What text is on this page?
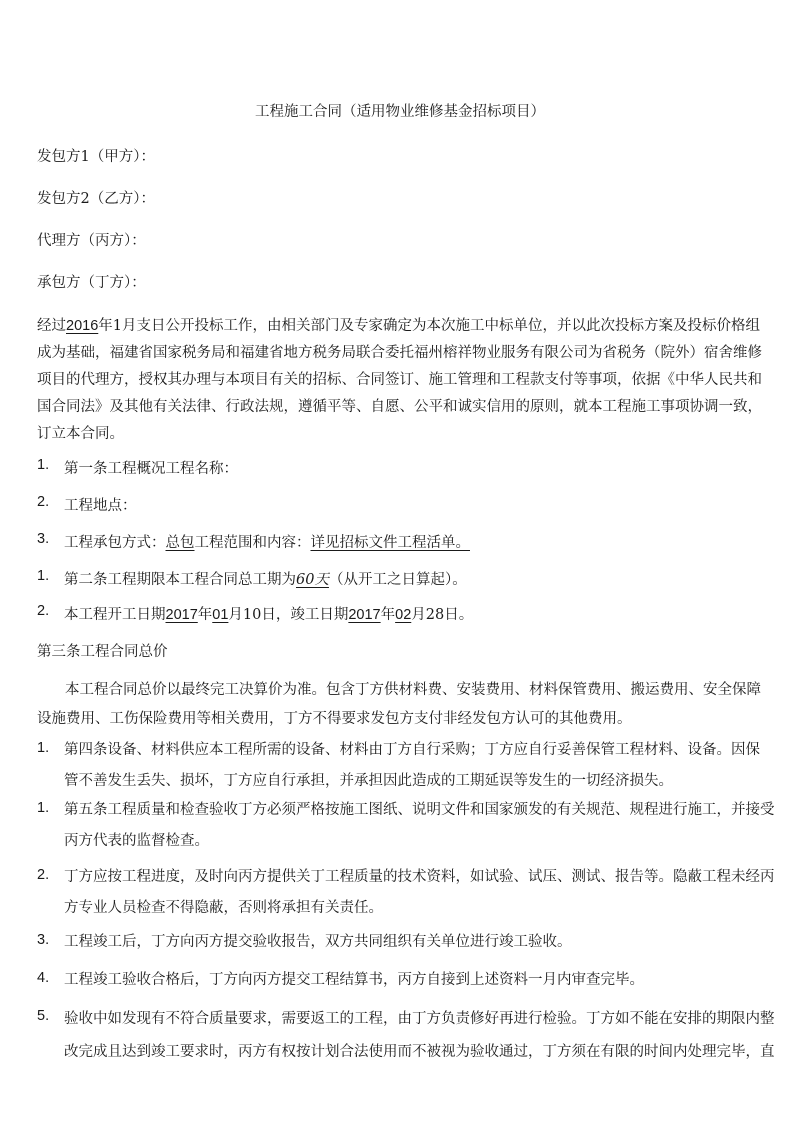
工程施工合同（适用物业维修基金招标项目）
发包方1（甲方）：
发包方2（乙方）：
代理方（丙方）：
承包方（丁方）：
经过2016年1月支日公开投标工作，由相关部门及专家确定为本次施工中标单位，并以此次投标方案及投标价格组
成为基础，福建省国家税务局和福建省地方税务局联合委托福州榕祥物业服务有限公司为省税务（院外）宿舍维修
项目的代理方，授权其办理与本项目有关的招标、合同签订、施工管理和工程款支付等事项，依据《中华人民共和
国合同法》及其他有关法律、行政法规，遵循平等、自愿、公平和诚实信用的原则，就本工程施工事项协调一致，
订立本合同。
1. 第一条工程概况工程名称：
2. 工程地点：
3. 工程承包方式：总包工程范围和内容：详见招标文件工程活单。
1. 第二条工程期限本工程合同总工期为60天（从开工之日算起）。
2. 本工程开工日期2017年01月10日，竣工日期2017年02月28日。
第三条工程合同总价
本工程合同总价以最终完工决算价为准。包含丁方供材料费、安装费用、材料保管费用、搬运费用、安全保障
设施费用、工伤保险费用等相关费用，丁方不得要求发包方支付非经发包方认可的其他费用。
1. 第四条设备、材料供应本工程所需的设备、材料由丁方自行采购；丁方应自行妥善保管工程材料、设备。因保
管不善发生丢失、损坏，丁方应自行承担，并承担因此造成的工期延误等发生的一切经济损失。
1. 第五条工程质量和检查验收丁方必须严格按施工图纸、说明文件和国家颁发的有关规范、规程进行施工，并接受
丙方代表的监督检查。
2. 丁方应按工程进度，及时向丙方提供关丁工程质量的技术资料，如试验、试压、测试、报告等。隐蔽工程未经丙
方专业人员检查不得隐蔽，否则将承担有关责任。
3. 工程竣工后，丁方向丙方提交验收报告，双方共同组织有关单位进行竣工验收。
4. 工程竣工验收合格后，丁方向丙方提交工程结算书，丙方自接到上述资料一月内审查完毕。
5. 验收中如发现有不符合质量要求，需要返工的工程，由丁方负责修好再进行检验。丁方如不能在安排的期限内整
改完成且达到竣工要求时，丙方有权按计划合法使用而不被视为验收通过，丁方须在有限的时间内处理完毕，直
